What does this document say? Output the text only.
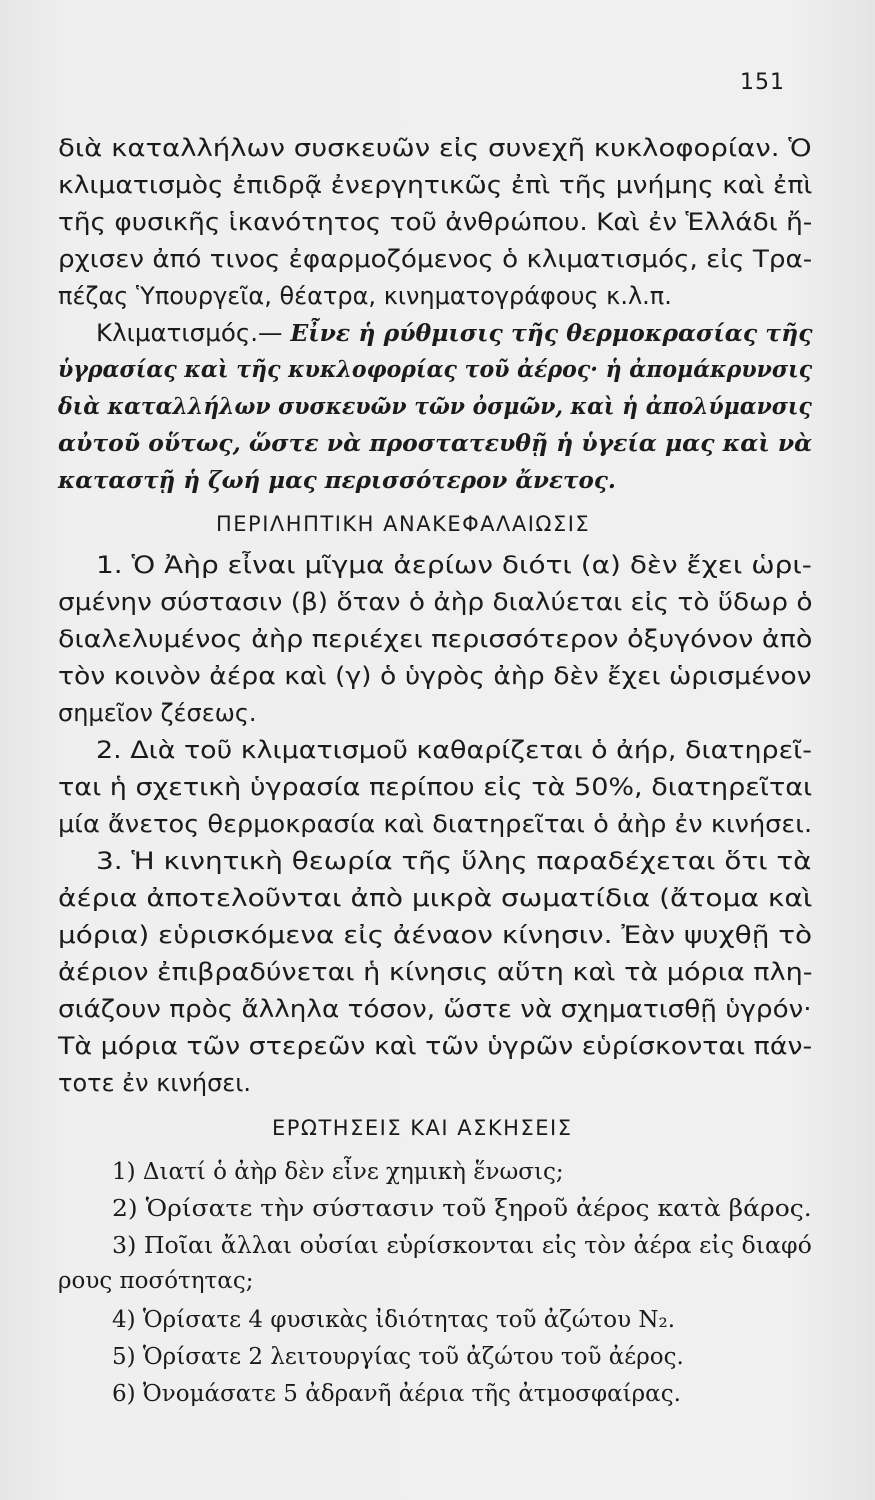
151
διὰ καταλλήλων συσκευῶν εἰς συνεχῆ κυκλοφορίαν. Ὁ
κλιματισμὸς ἐπιδρᾷ ἐνεργητικῶς ἐπὶ τῆς μνήμης καὶ ἐπὶ
τῆς φυσικῆς ἱκανότητος τοῦ ἀνθρώπου. Καὶ ἐν Ἑλλάδι ἤ-
ρχισεν ἀπό τινος ἐφαρμοζόμενος ὁ κλιματισμός, εἰς Τρα-
πέζας Ὑπουργεῖα, θέατρα, κινηματογράφους κ.λ.π.
Κλιματισμός.— Εἶνε ἡ ρύθμισις τῆς θερμοκρασίας τῆς
ὑγρασίας καὶ τῆς κυκλοφορίας τοῦ ἀέρος· ἡ ἀπομάκρυνσις
διὰ καταλλήλων συσκευῶν τῶν ὀσμῶν, καὶ ἡ ἀπολύμανσις
αὐτοῦ οὕτως, ὥστε νὰ προστατευθῇ ἡ ὑγεία μας καὶ νὰ
καταστῇ ἡ ζωή μας περισσότερον ἄνετος.
ΠΕΡΙΛΗΠΤΙΚΗ ΑΝΑΚΕΦΑΛΑΙΩΣΙΣ
1. Ὁ Ἀὴρ εἶναι μῖγμα ἀερίων διότι (α) δὲν ἔχει ὡρι-
σμένην σύστασιν (β) ὅταν ὁ ἀὴρ διαλύεται εἰς τὸ ὕδωρ ὁ
διαλελυμένος ἀὴρ περιέχει περισσότερον ὀξυγόνον ἀπὸ
τὸν κοινὸν ἀέρα καὶ (γ) ὁ ὑγρὸς ἀὴρ δὲν ἔχει ὡρισμένον
σημεῖον ζέσεως.
2. Διὰ τοῦ κλιματισμοῦ καθαρίζεται ὁ ἀήρ, διατηρεῖ-
ται ἡ σχετικὴ ὑγρασία περίπου εἰς τὰ 50%, διατηρεῖται
μία ἄνετος θερμοκρασία καὶ διατηρεῖται ὁ ἀὴρ ἐν κινήσει.
3. Ἡ κινητικὴ θεωρία τῆς ὕλης παραδέχεται ὅτι τὰ
ἀέρια ἀποτελοῦνται ἀπὸ μικρὰ σωματίδια (ἄτομα καὶ
μόρια) εὑρισκόμενα εἰς ἀέναον κίνησιν. Ἐὰν ψυχθῇ τὸ
ἀέριον ἐπιβραδύνεται ἡ κίνησις αὕτη καὶ τὰ μόρια πλη-
σιάζουν πρὸς ἄλληλα τόσον, ὥστε νὰ σχηματισθῇ ὑγρόν·
Τὰ μόρια τῶν στερεῶν καὶ τῶν ὑγρῶν εὑρίσκονται πάν-
τοτε ἐν κινήσει.
ΕΡΩΤΗΣΕΙΣ ΚΑΙ ΑΣΚΗΣΕΙΣ
1) Διατί ὁ ἀὴρ δὲν εἶνε χημικὴ ἕνωσις;
2) Ὁρίσατε τὴν σύστασιν τοῦ ξηροῦ ἀέρος κατὰ βάρος.
3) Ποῖαι ἄλλαι οὐσίαι εὑρίσκονται εἰς τὸν ἀέρα εἰς διαφό
ρους ποσότητας;
4) Ὁρίσατε 4 φυσικὰς ἰδιότητας τοῦ ἀζώτου N₂.
5) Ὁρίσατε 2 λειτουργίας τοῦ ἀζώτου τοῦ ἀέρος.
6) Ὀνομάσατε 5 ἀδρανῆ ἀέρια τῆς ἀτμοσφαίρας.
